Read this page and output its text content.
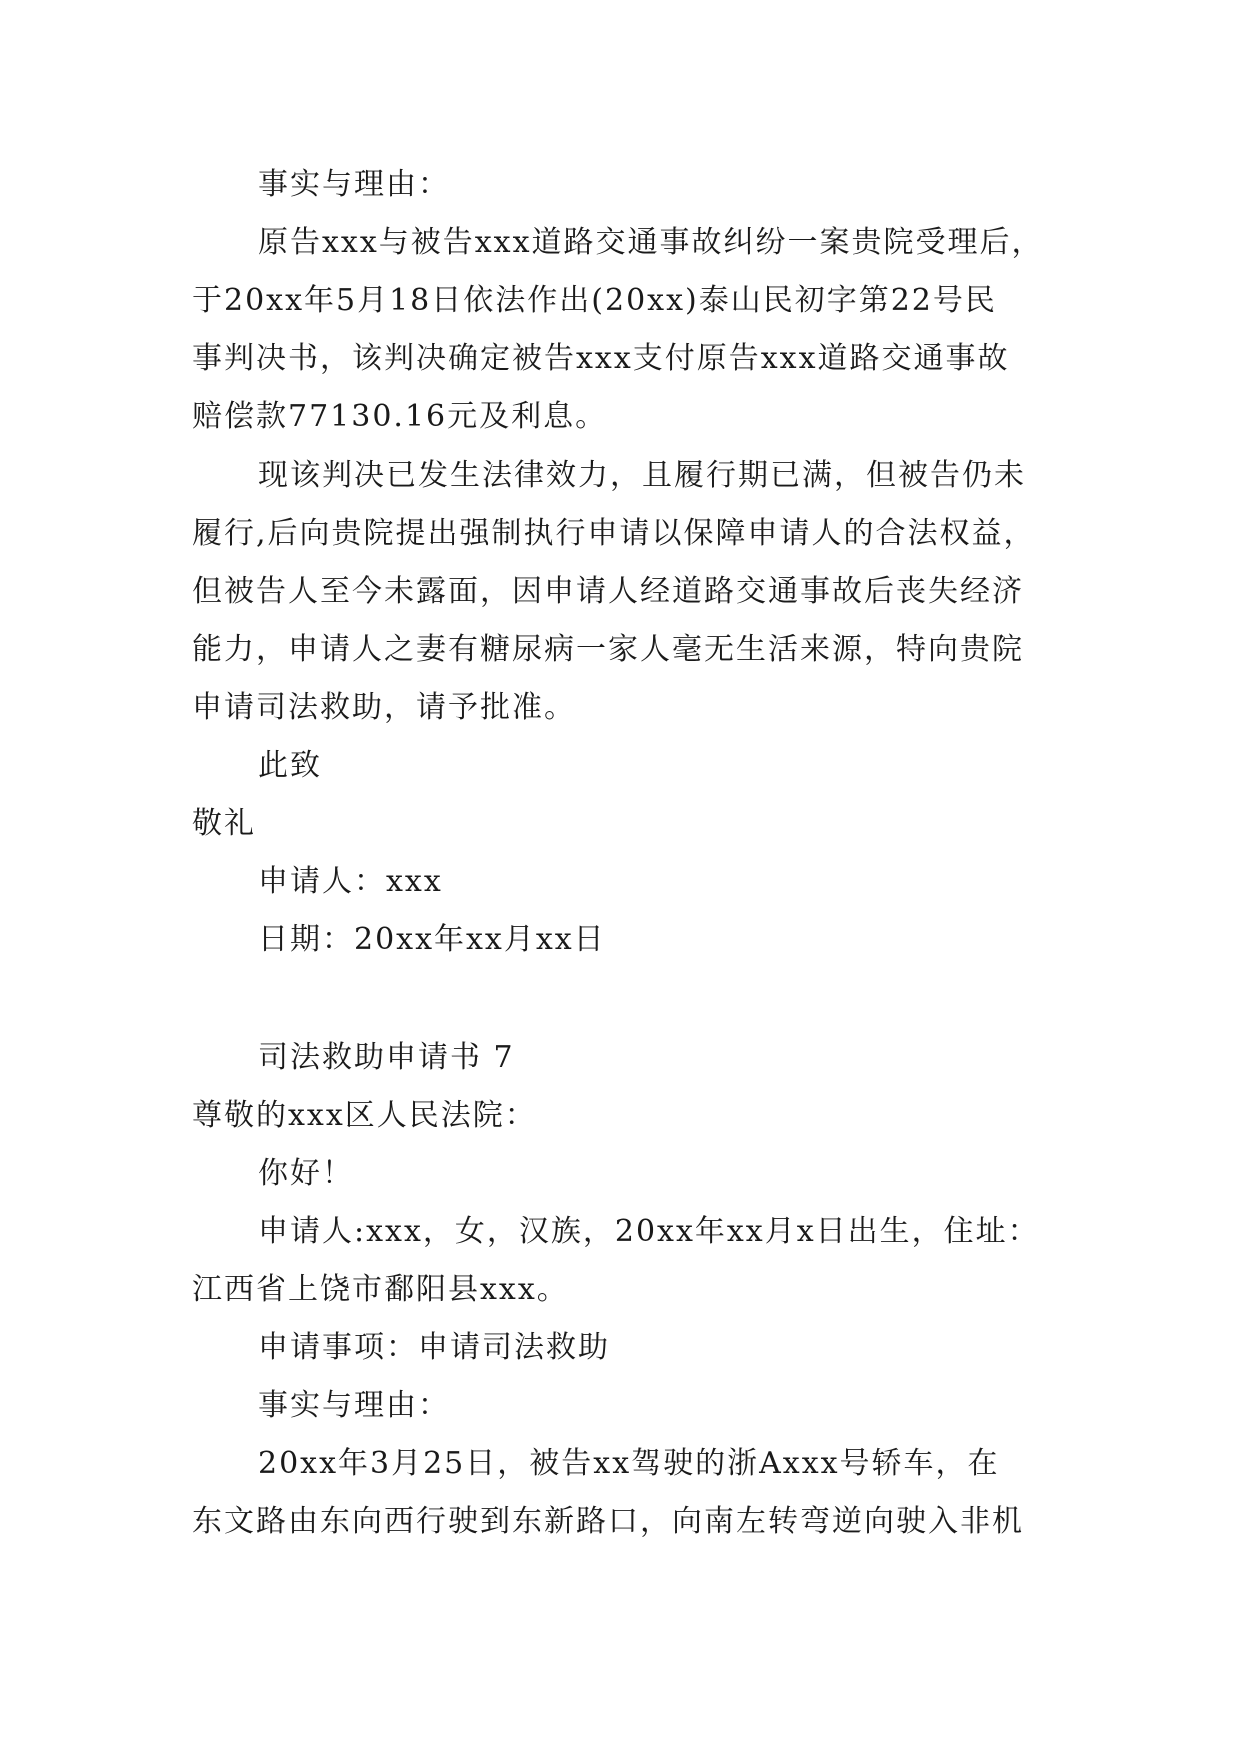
事实与理由：
原告xxx与被告xxx道路交通事故纠纷一案贵院受理后，
于20xx年5月18日依法作出(20xx)泰山民初字第22号民
事判决书，该判决确定被告xxx支付原告xxx道路交通事故
赔偿款77130.16元及利息。
现该判决已发生法律效力，且履行期已满，但被告仍未
履行,后向贵院提出强制执行申请以保障申请人的合法权益，
但被告人至今未露面，因申请人经道路交通事故后丧失经济
能力，申请人之妻有糖尿病一家人毫无生活来源，特向贵院
申请司法救助，请予批准。
此致
敬礼
申请人：xxx
日期：20xx年xx月xx日
司法救助申请书 7
尊敬的xxx区人民法院：
你好！
申请人:xxx，女，汉族，20xx年xx月x日出生，住址：
江西省上饶市鄱阳县xxx。
申请事项：申请司法救助
事实与理由：
20xx年3月25日，被告xx驾驶的浙Axxx号轿车，在
东文路由东向西行驶到东新路口，向南左转弯逆向驶入非机
